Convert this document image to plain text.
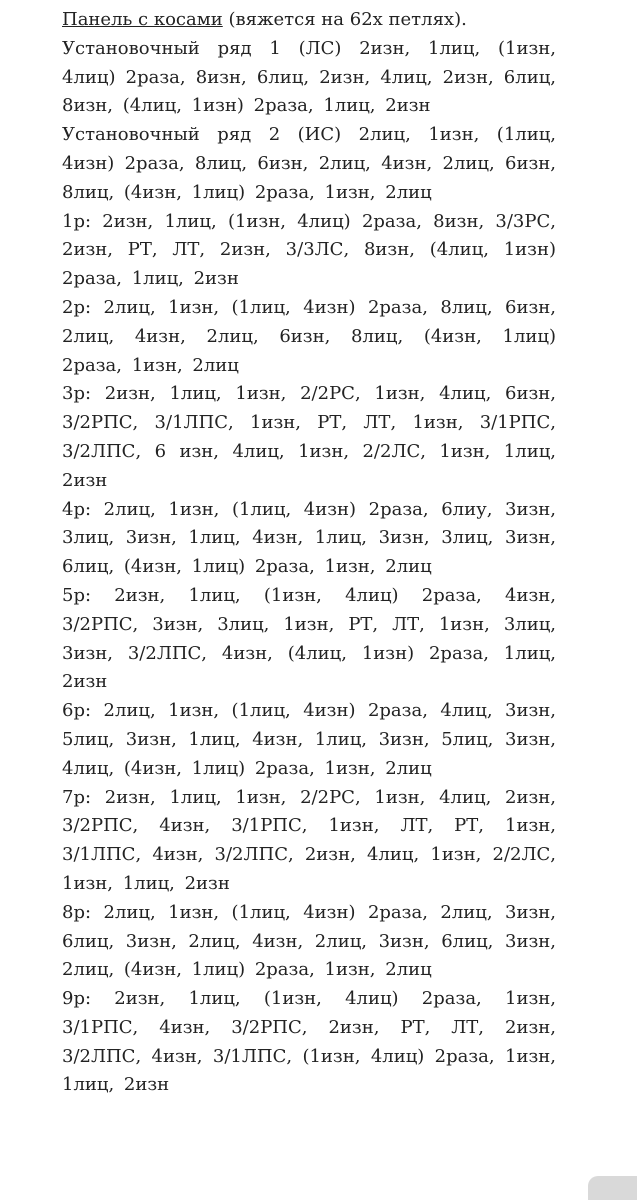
Панель с косами (вяжется на 62х петлях).

Установочный ряд 1 (ЛС) 2изн, 1лиц, (1изн, 4лиц) 2раза, 8изн, 6лиц, 2изн, 4лиц, 2изн, 6лиц, 8изн, (4лиц, 1изн) 2раза, 1лиц, 2изн

Установочный ряд 2 (ИС) 2лиц, 1изн, (1лиц, 4изн) 2раза, 8лиц, 6изн, 2лиц, 4изн, 2лиц, 6изн, 8лиц, (4изн, 1лиц) 2раза, 1изн, 2лиц

1р: 2изн, 1лиц, (1изн, 4лиц) 2раза, 8изн, 3/3РС, 2изн, РТ, ЛТ, 2изн, 3/3ЛС, 8изн, (4лиц, 1изн) 2раза, 1лиц, 2изн

2р: 2лиц, 1изн, (1лиц, 4изн) 2раза, 8лиц, 6изн, 2лиц, 4изн, 2лиц, 6изн, 8лиц, (4изн, 1лиц) 2раза, 1изн, 2лиц

3р: 2изн, 1лиц, 1изн, 2/2РС, 1изн, 4лиц, 6изн, 3/2РПС, 3/1ЛПС, 1изн, РТ, ЛТ, 1изн, 3/1РПС, 3/2ЛПС, 6 изн, 4лиц, 1изн, 2/2ЛС, 1изн, 1лиц, 2изн

4р: 2лиц, 1изн, (1лиц, 4изн) 2раза, 6лиу, 3изн, 3лиц, 3изн, 1лиц, 4изн, 1лиц, 3изн, 3лиц, 3изн, 6лиц, (4изн, 1лиц) 2раза, 1изн, 2лиц

5р: 2изн, 1лиц, (1изн, 4лиц) 2раза, 4изн, 3/2РПС, 3изн, 3лиц, 1изн, РТ, ЛТ, 1изн, 3лиц, 3изн, 3/2ЛПС, 4изн, (4лиц, 1изн) 2раза, 1лиц, 2изн

6р: 2лиц, 1изн, (1лиц, 4изн) 2раза, 4лиц, 3изн, 5лиц, 3изн, 1лиц, 4изн, 1лиц, 3изн, 5лиц, 3изн, 4лиц, (4изн, 1лиц) 2раза, 1изн, 2лиц

7р: 2изн, 1лиц, 1изн, 2/2РС, 1изн, 4лиц, 2изн, 3/2РПС, 4изн, 3/1РПС, 1изн, ЛТ, РТ, 1изн, 3/1ЛПС, 4изн, 3/2ЛПС, 2изн, 4лиц, 1изн, 2/2ЛС, 1изн, 1лиц, 2изн

8р: 2лиц, 1изн, (1лиц, 4изн) 2раза, 2лиц, 3изн, 6лиц, 3изн, 2лиц, 4изн, 2лиц, 3изн, 6лиц, 3изн, 2лиц, (4изн, 1лиц) 2раза, 1изн, 2лиц

9р: 2изн, 1лиц, (1изн, 4лиц) 2раза, 1изн, 3/1РПС, 4изн, 3/2РПС, 2изн, РТ, ЛТ, 2изн, 3/2ЛПС, 4изн, 3/1ЛПС, (1изн, 4лиц) 2раза, 1изн, 1лиц, 2изн
